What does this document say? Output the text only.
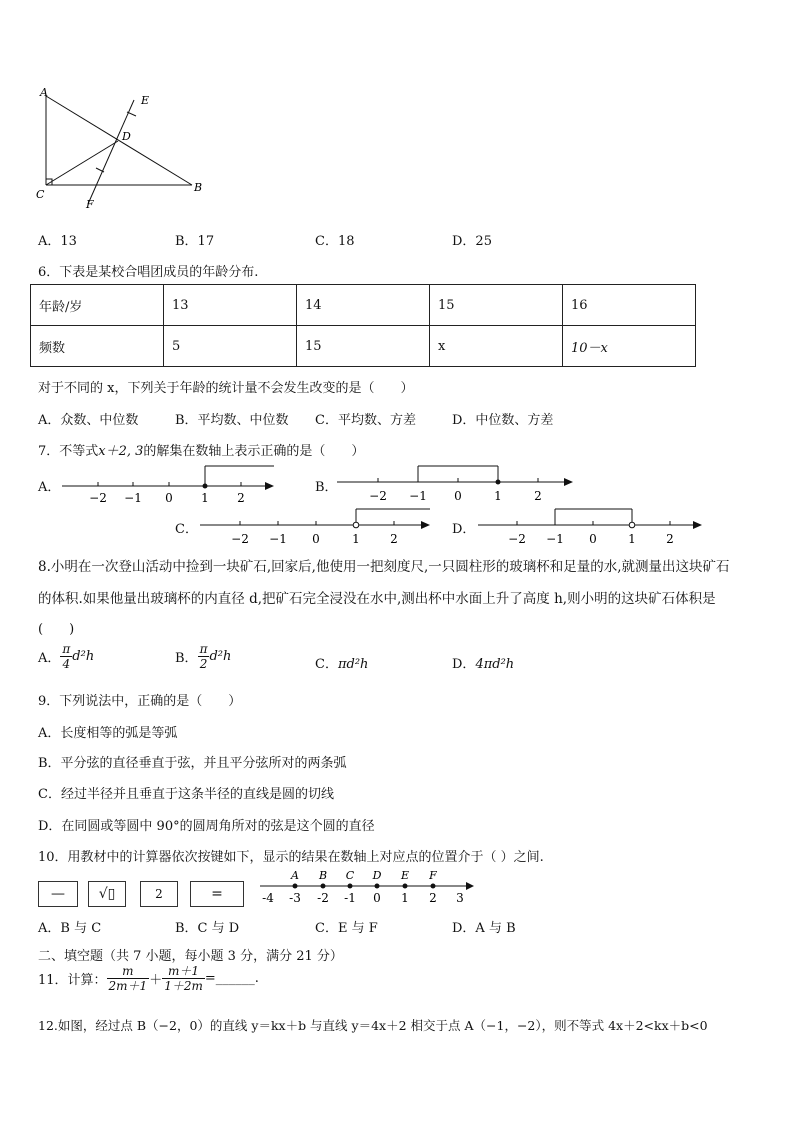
A
E
D
C
B
F
A．13	B．17	C．18	D．25
6．下表是某校合唱团成员的年龄分布.
年龄/岁	13	14	15	16
频数	5	15	x	10－x
对于不同的 x，下列关于年龄的统计量不会发生改变的是（　　）
A．众数、中位数	B．平均数、中位数 C．平均数、方差	D．中位数、方差
7．不等式x＋2, 3的解集在数轴上表示正确的是（　　）
A．
−2 −1 0 1 2
B．
−2 −1 0	1	2
C．
−2 −1 0	1	2
D．
−2 −1 0	1	2
8.小明在一次登山活动中捡到一块矿石,回家后,他使用一把刻度尺,一只圆柱形的玻璃杯和足量的水,就测量出这块矿石
的体积.如果他量出玻璃杯的内直径 d,把矿石完全浸没在水中,测出杯中水面上升了高度 h,则小明的这块矿石体积是
(　　)
A． $\frac{\pi}{4} d^2h$	B． $\frac{\pi}{2} d^2h$
C．πd²h	D．4πd²h
9．下列说法中，正确的是（　　）
A．长度相等的弧是等弧
B．平分弦的直径垂直于弦，并且平分弦所对的两条弧
C．经过半径并且垂直于这条半径的直线是圆的切线
D．在同圆或等圆中 90°的圆周角所对的弦是这个圆的直径
10．用教材中的计算器依次按键如下，显示的结果在数轴上对应点的位置介于（ ）之间.
—	√▯	2	=
A B C D E F
-4 -3 -2 -1 0 1 2 3
A．B 与 C	B．C 与 D	C．E 与 F	D．A 与 B
二、填空题（共 7 小题，每小题 3 分，满分 21 分）
11．计算： $\frac{m}{2m+1} + \frac{m+1}{1+2m}$ =______.
12.如图，经过点 B（−2，0）的直线 y＝kx＋b 与直线 y＝4x＋2 相交于点 A（−1，−2），则不等式 4x＋2<kx＋b<0
